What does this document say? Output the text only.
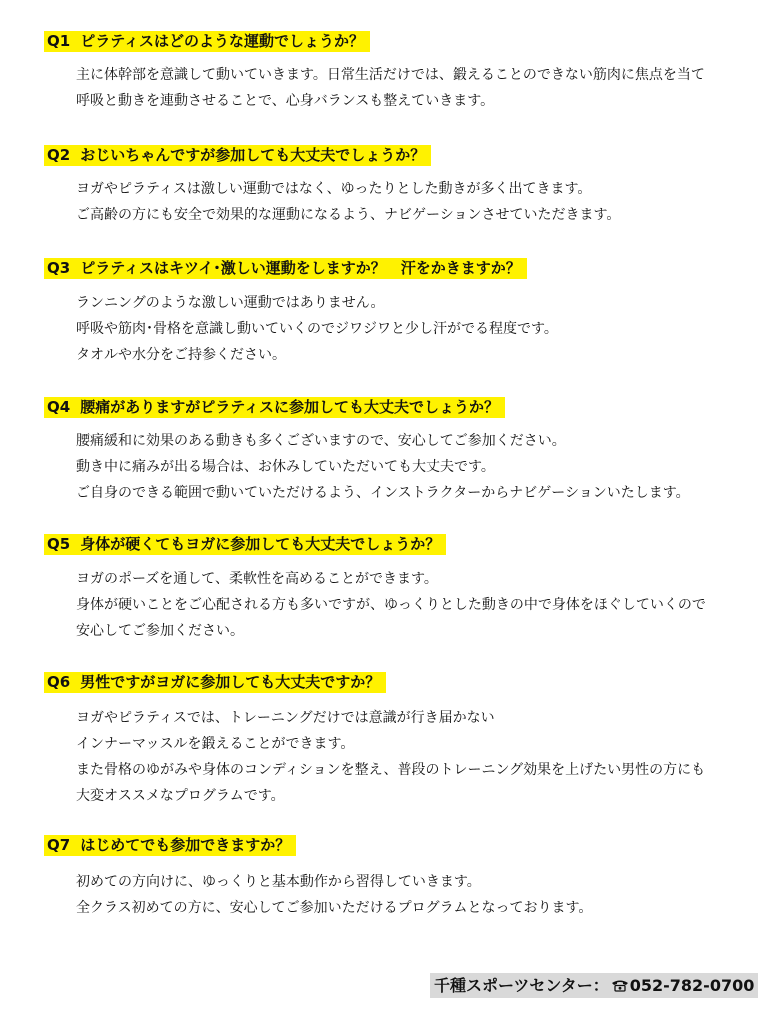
Q1 ピラティスはどのような運動でしょうか？
主に体幹部を意識して動いていきます。日常生活だけでは、鍛えることのできない筋肉に焦点を当て
呼吸と動きを連動させることで、心身バランスも整えていきます。
Q2 おじいちゃんですが参加しても大丈夫でしょうか？
ヨガやピラティスは激しい運動ではなく、ゆったりとした動きが多く出てきます。
ご高齢の方にも安全で効果的な運動になるよう、ナビゲーションさせていただきます。
Q3 ピラティスはキツイ･激しい運動をしますか？　汗をかきますか？
ランニングのような激しい運動ではありません。
呼吸や筋肉･骨格を意識し動いていくのでジワジワと少し汗がでる程度です。
タオルや水分をご持参ください。
Q4 腰痛がありますがピラティスに参加しても大丈夫でしょうか？
腰痛緩和に効果のある動きも多くございますので、安心してご参加ください。
動き中に痛みが出る場合は、お休みしていただいても大丈夫です。
ご自身のできる範囲で動いていただけるよう、インストラクターからナビゲーションいたします。
Q5 身体が硬くてもヨガに参加しても大丈夫でしょうか？
ヨガのポーズを通して、柔軟性を高めることができます。
身体が硬いことをご心配される方も多いですが、ゆっくりとした動きの中で身体をほぐしていくので
安心してご参加ください。
Q6 男性ですがヨガに参加しても大丈夫ですか？
ヨガやピラティスでは、トレーニングだけでは意識が行き届かない
インナーマッスルを鍛えることができます。
また骨格のゆがみや身体のコンディションを整え、普段のトレーニング効果を上げたい男性の方にも
大変オススメなプログラムです。
Q7 はじめてでも参加できますか？
初めての方向けに、ゆっくりと基本動作から習得していきます。
全クラス初めての方に、安心してご参加いただけるプログラムとなっております。
千種スポーツセンター： 052-782-0700
